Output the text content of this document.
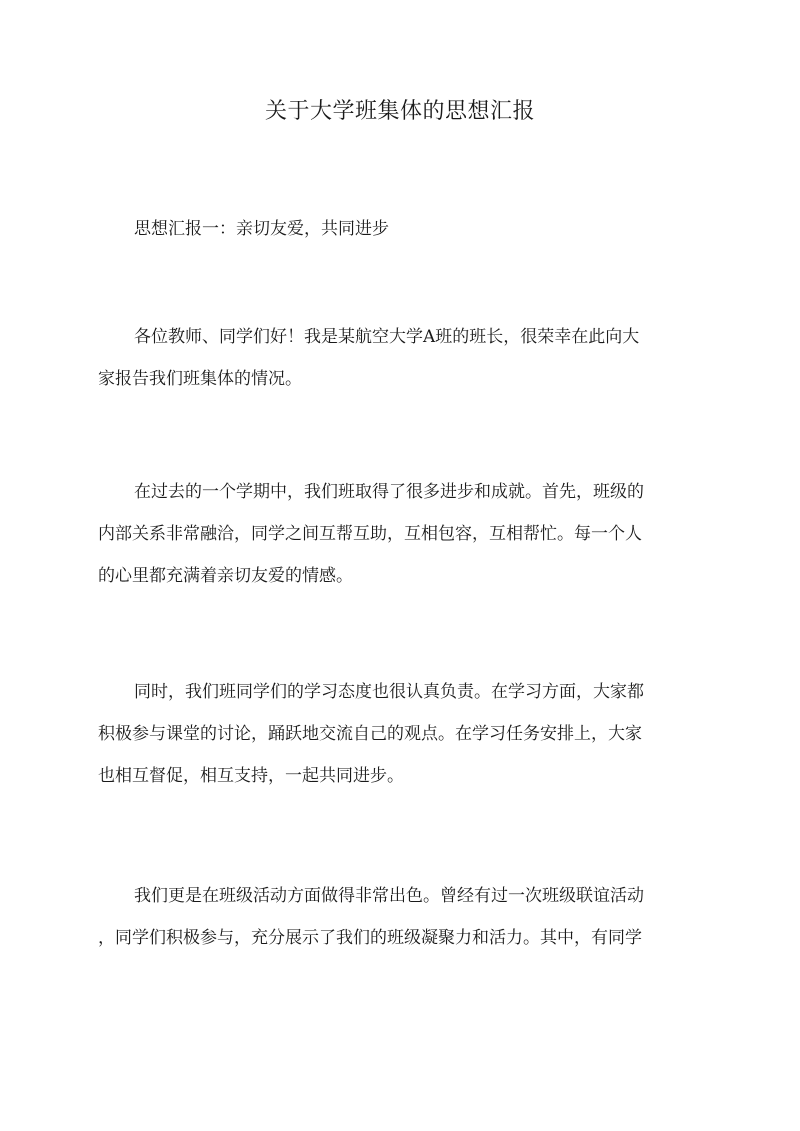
关于大学班集体的思想汇报
思想汇报一：亲切友爱，共同进步
各位教师、同学们好！我是某航空大学A班的班长，很荣幸在此向大
家报告我们班集体的情况。
在过去的一个学期中，我们班取得了很多进步和成就。首先，班级的
内部关系非常融洽，同学之间互帮互助，互相包容，互相帮忙。每一个人
的心里都充满着亲切友爱的情感。
同时，我们班同学们的学习态度也很认真负责。在学习方面，大家都
积极参与课堂的讨论，踊跃地交流自己的观点。在学习任务安排上，大家
也相互督促，相互支持，一起共同进步。
我们更是在班级活动方面做得非常出色。曾经有过一次班级联谊活动
，同学们积极参与，充分展示了我们的班级凝聚力和活力。其中，有同学
